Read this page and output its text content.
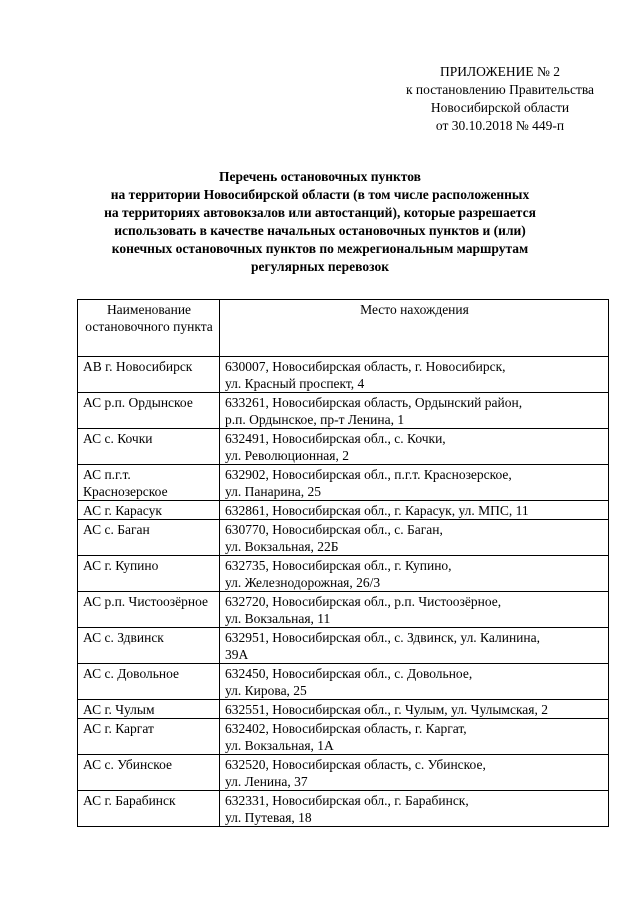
ПРИЛОЖЕНИЕ № 2
к постановлению Правительства
Новосибирской области
от 30.10.2018 № 449-п
Перечень остановочных пунктов
на территории Новосибирской области (в том числе расположенных
на территориях автовокзалов или автостанций), которые разрешается
использовать в качестве начальных остановочных пунктов и (или)
конечных остановочных пунктов по межрегиональным маршрутам
регулярных перевозок
Наименование остановочного пункта	Место нахождения
АВ г. Новосибирск	630007, Новосибирская область, г. Новосибирск,
ул. Красный проспект, 4
АС р.п. Ордынское	633261, Новосибирская область, Ордынский район,
р.п. Ордынское, пр-т Ленина, 1
АС с. Кочки	632491, Новосибирская обл., с. Кочки,
ул. Революционная, 2
АС п.г.т. Краснозерское	632902, Новосибирская обл., п.г.т. Краснозерское,
ул. Панарина, 25
АС г. Карасук	632861, Новосибирская обл., г. Карасук, ул. МПС, 11

АС с. Баган	630770, Новосибирская обл., с. Баган,
ул. Вокзальная, 22Б
АС г. Купино	632735, Новосибирская обл., г. Купино,
ул. Железнодорожная, 26/3
АС р.п. Чистоозёрное	632720, Новосибирская обл., р.п. Чистоозёрное,
ул. Вокзальная, 11
АС с. Здвинск	632951, Новосибирская обл., с. Здвинск, ул. Калинина,
39А
АС с. Довольное	632450, Новосибирская обл., с. Довольное,
ул. Кирова, 25
АС г. Чулым	632551, Новосибирская обл., г. Чулым, ул. Чулымская, 2

АС г. Каргат	632402, Новосибирская область, г. Каргат,
ул. Вокзальная, 1А
АС с. Убинское	632520, Новосибирская область, с. Убинское,
ул. Ленина, 37
АС г. Барабинск	632331, Новосибирская обл., г. Барабинск,
ул. Путевая, 18
